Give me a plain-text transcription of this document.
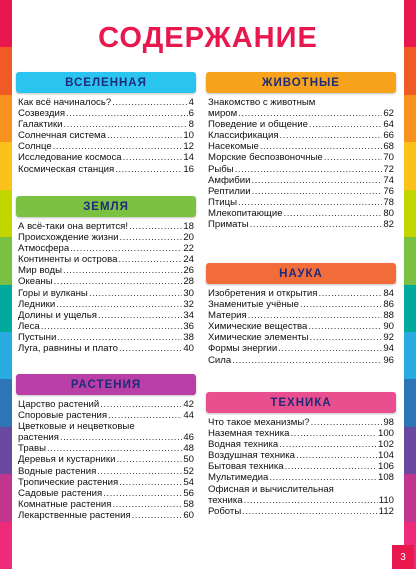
СОДЕРЖАНИЕ
ВСЕЛЕННАЯ
Как всё начиналось? .....	4
Созвездия .....	6
Галактики .....	8
Солнечная система .....	10
Солнце .....	12
Исследование космоса .....	14
Космическая станция .....	16
ЗЕМЛЯ
А всё-таки она вертится! .....	18
Происхождение жизни .....	20
Атмосфера .....	22
Континенты и острова .....	24
Мир воды .....	26
Океаны .....	28
Горы и вулканы .....	30
Ледники .....	32
Долины и ущелья .....	34
Леса .....	36
Пустыни .....	38
Луга, равнины и плато .....	40
РАСТЕНИЯ
Царство растений .....	42
Споровые растения .....	44
Цветковые и нецветковые
растения .....	46
Травы .....	48
Деревья и кустарники .....	50
Водные растения .....	52
Тропические растения .....	54
Садовые растения .....	56
Комнатные растения .....	58
Лекарственные растения .....	60
ЖИВОТНЫЕ
Знакомство с животным
миром .....	62
Поведение и общение .....	64
Классификация .....	66
Насекомые .....	68
Морские беспозвоночные .....	70
Рыбы .....	72
Амфибии .....	74
Рептилии .....	76
Птицы .....	78
Млекопитающие .....	80
Приматы .....	82
НАУКА
Изобретения и открытия .....	84
Знаменитые учёные .....	86
Материя .....	88
Химические вещества .....	90
Химические элементы .....	92
Формы энергии .....	94
Сила .....	96
ТЕХНИКА
Что такое механизмы? .....	98
Наземная техника .....	100
Водная техника .....	102
Воздушная техника .....	104
Бытовая техника .....	106
Мультимедиа .....	108
Офисная и вычислительная
техника .....	110
Роботы .....	112
3
